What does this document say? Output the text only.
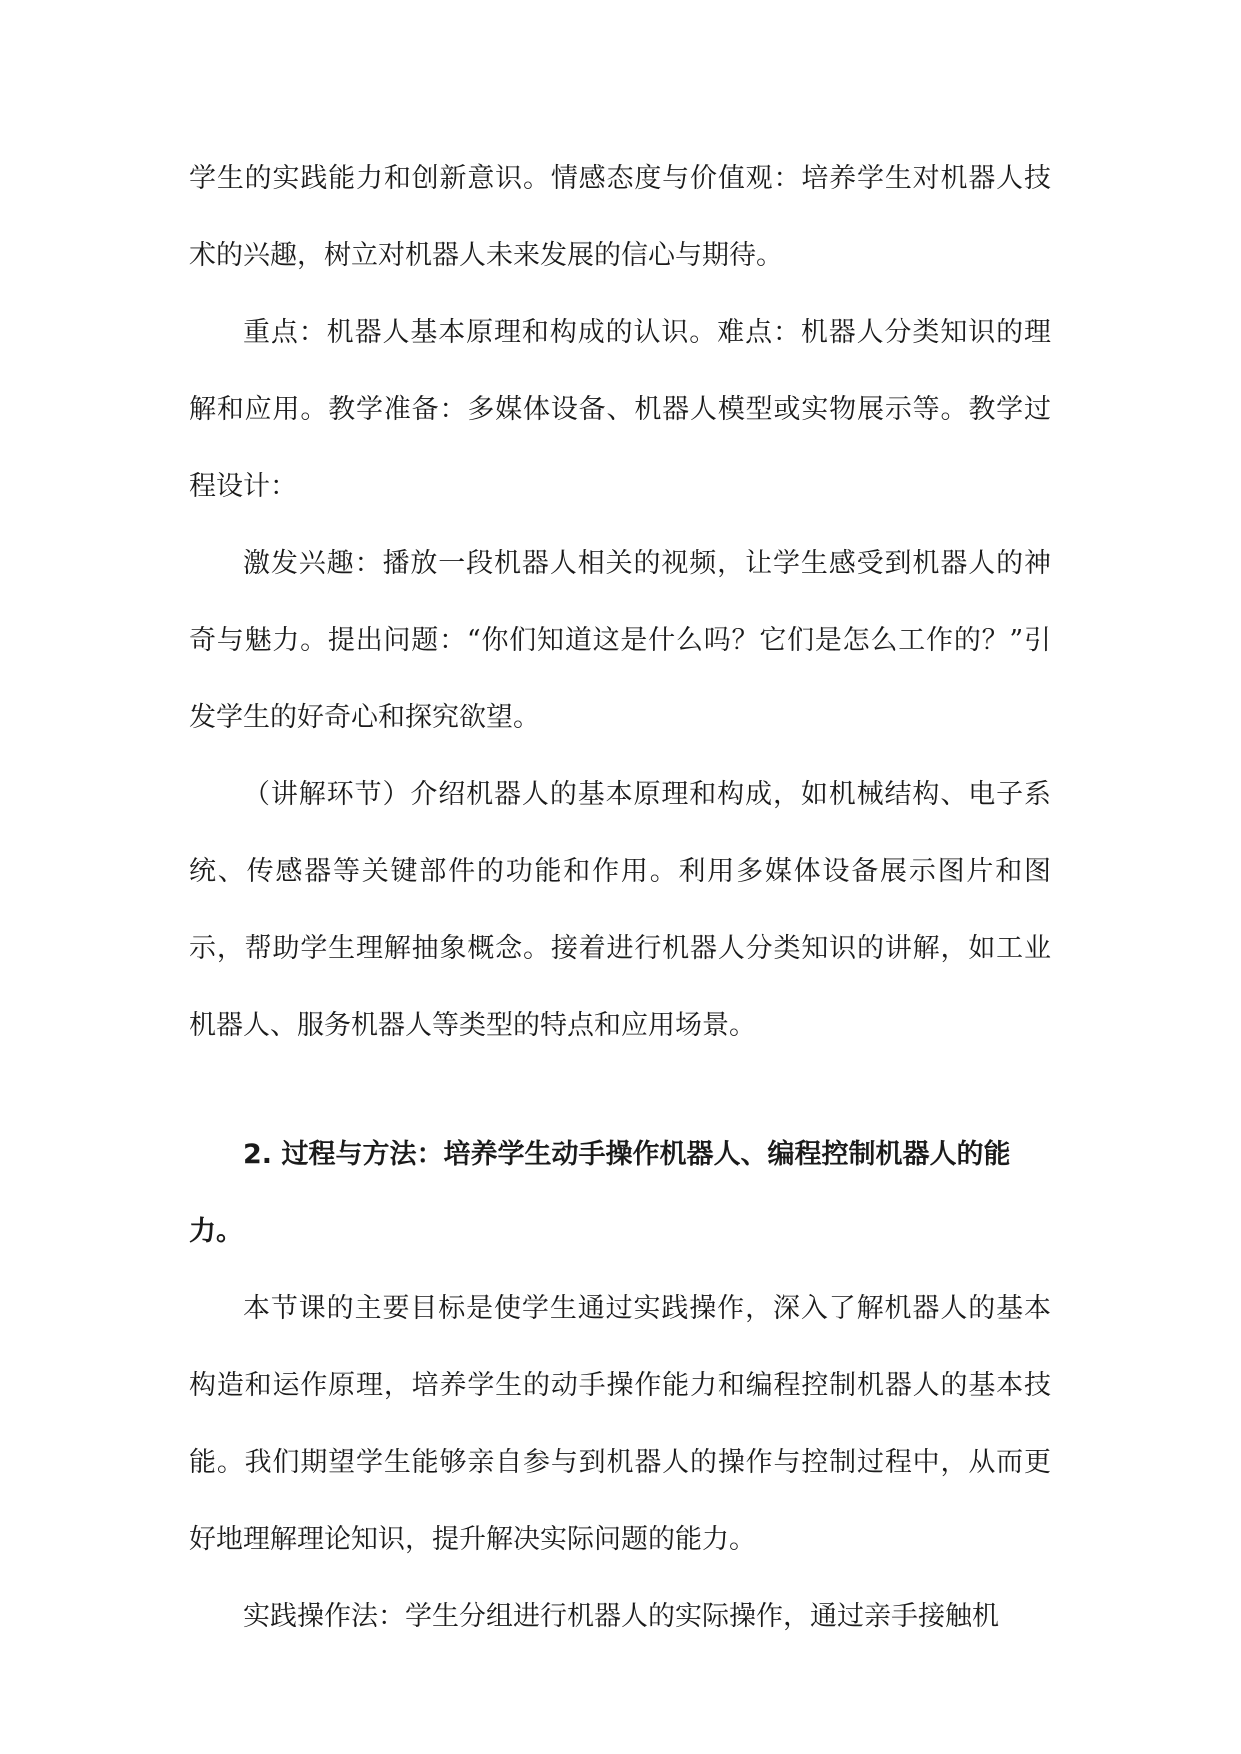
学生的实践能力和创新意识。情感态度与价值观：培养学生对机器人技术的兴趣，树立对机器人未来发展的信心与期待。

重点：机器人基本原理和构成的认识。难点：机器人分类知识的理解和应用。教学准备：多媒体设备、机器人模型或实物展示等。教学过程设计：

激发兴趣：播放一段机器人相关的视频，让学生感受到机器人的神奇与魅力。提出问题：“你们知道这是什么吗？它们是怎么工作的？”引发学生的好奇心和探究欲望。

（讲解环节）介绍机器人的基本原理和构成，如机械结构、电子系统、传感器等关键部件的功能和作用。利用多媒体设备展示图片和图示，帮助学生理解抽象概念。接着进行机器人分类知识的讲解，如工业机器人、服务机器人等类型的特点和应用场景。

2. 过程与方法：培养学生动手操作机器人、编程控制机器人的能力。

本节课的主要目标是使学生通过实践操作，深入了解机器人的基本构造和运作原理，培养学生的动手操作能力和编程控制机器人的基本技能。我们期望学生能够亲自参与到机器人的操作与控制过程中，从而更好地理解理论知识，提升解决实际问题的能力。

实践操作法：学生分组进行机器人的实际操作，通过亲手接触机
